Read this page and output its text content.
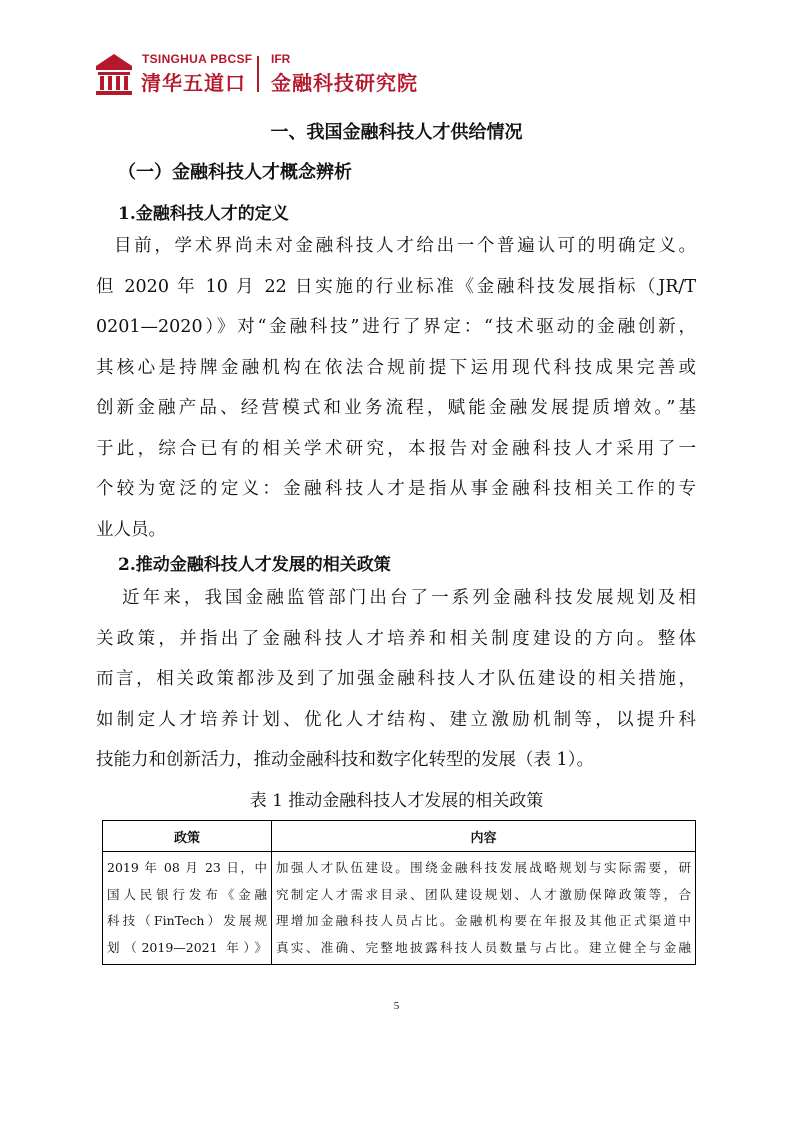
TSINGHUA PBCSF
清华五道口
IFR
金融科技研究院
一、我国金融科技人才供给情况
（一）金融科技人才概念辨析
1.金融科技人才的定义
目前，学术界尚未对金融科技人才给出一个普遍认可的明确定义。
但 2020 年 10 月 22 日实施的行业标准《金融科技发展指标（JR/T
0201—2020）》对“金融科技”进行了界定：“技术驱动的金融创新，
其核心是持牌金融机构在依法合规前提下运用现代科技成果完善或
创新金融产品、经营模式和业务流程，赋能金融发展提质增效。”基
于此，综合已有的相关学术研究，本报告对金融科技人才采用了一
个较为宽泛的定义：金融科技人才是指从事金融科技相关工作的专
业人员。
2.推动金融科技人才发展的相关政策
近年来，我国金融监管部门出台了一系列金融科技发展规划及相
关政策，并指出了金融科技人才培养和相关制度建设的方向。整体
而言，相关政策都涉及到了加强金融科技人才队伍建设的相关措施，
如制定人才培养计划、优化人才结构、建立激励机制等，以提升科
技能力和创新活力，推动金融科技和数字化转型的发展（表 1）。
表 1 推动金融科技人才发展的相关政策
政策	内容

2019 年 08 月 23 日，中
国人民银行发布《金融
科技（FinTech）发展规
划（2019—2021 年）》	加强人才队伍建设。围绕金融科技发展战略规划与实际需要，研
究制定人才需求目录、团队建设规划、人才激励保障政策等，合
理增加金融科技人员占比。金融机构要在年报及其他正式渠道中
真实、准确、完整地披露科技人员数量与占比。建立健全与金融
5
